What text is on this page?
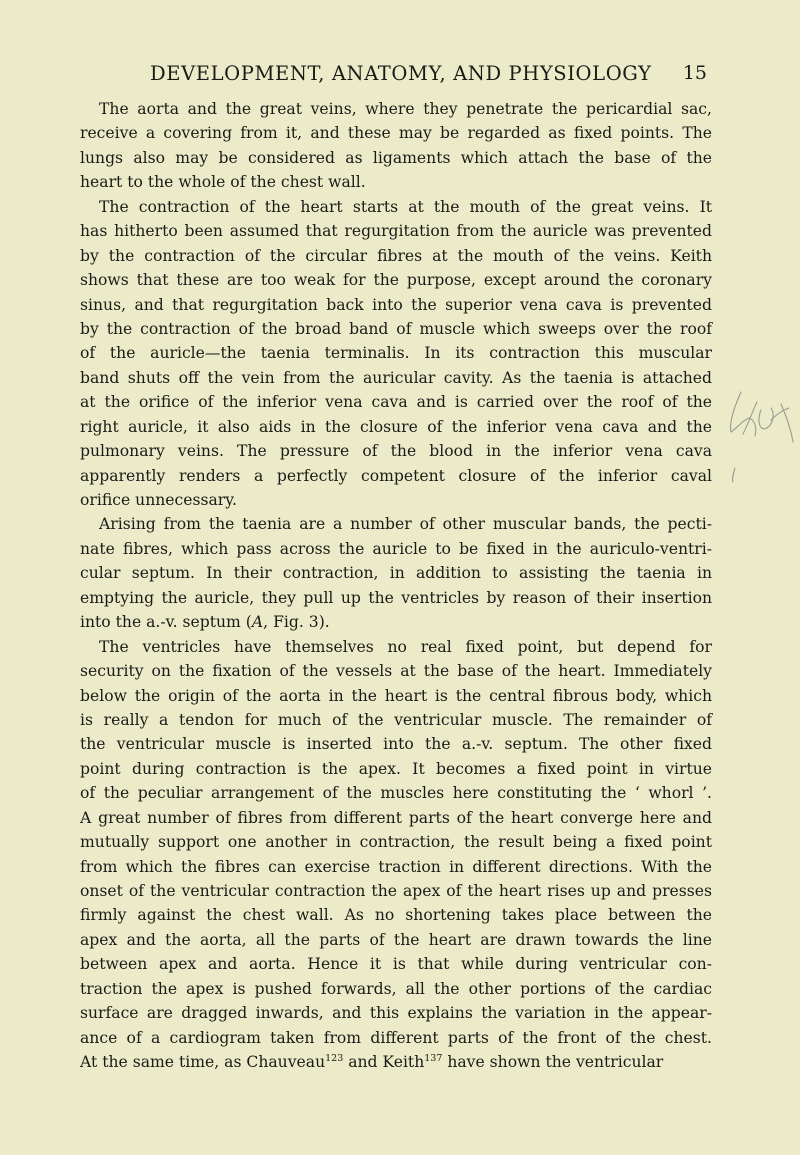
DEVELOPMENT, ANATOMY, AND PHYSIOLOGY	15
The aorta and the great veins, where they penetrate the pericardial sac,
receive a covering from it, and these may be regarded as fixed points. The
lungs also may be considered as ligaments which attach the base of the
heart to the whole of the chest wall.
The contraction of the heart starts at the mouth of the great veins. It
has hitherto been assumed that regurgitation from the auricle was prevented
by the contraction of the circular fibres at the mouth of the veins. Keith
shows that these are too weak for the purpose, except around the coronary
sinus, and that regurgitation back into the superior vena cava is prevented
by the contraction of the broad band of muscle which sweeps over the roof
of the auricle—the taenia terminalis. In its contraction this muscular
band shuts off the vein from the auricular cavity. As the taenia is attached
at the orifice of the inferior vena cava and is carried over the roof of the
right auricle, it also aids in the closure of the inferior vena cava and the
pulmonary veins. The pressure of the blood in the inferior vena cava
apparently renders a perfectly competent closure of the inferior caval
orifice unnecessary.
Arising from the taenia are a number of other muscular bands, the pecti-
nate fibres, which pass across the auricle to be fixed in the auriculo-ventri-
cular septum. In their contraction, in addition to assisting the taenia in
emptying the auricle, they pull up the ventricles by reason of their insertion
into the a.-v. septum (A, Fig. 3).
The ventricles have themselves no real fixed point, but depend for
security on the fixation of the vessels at the base of the heart. Immediately
below the origin of the aorta in the heart is the central fibrous body, which
is really a tendon for much of the ventricular muscle. The remainder of
the ventricular muscle is inserted into the a.-v. septum. The other fixed
point during contraction is the apex. It becomes a fixed point in virtue
of the peculiar arrangement of the muscles here constituting the ‘ whorl ’.
A great number of fibres from different parts of the heart converge here and
mutually support one another in contraction, the result being a fixed point
from which the fibres can exercise traction in different directions. With the
onset of the ventricular contraction the apex of the heart rises up and presses
firmly against the chest wall. As no shortening takes place between the
apex and the aorta, all the parts of the heart are drawn towards the line
between apex and aorta. Hence it is that while during ventricular con-
traction the apex is pushed forwards, all the other portions of the cardiac
surface are dragged inwards, and this explains the variation in the appear-
ance of a cardiogram taken from different parts of the front of the chest.
At the same time, as Chauveau$^{123}$ and Keith$^{137}$ have shown the ventricular
